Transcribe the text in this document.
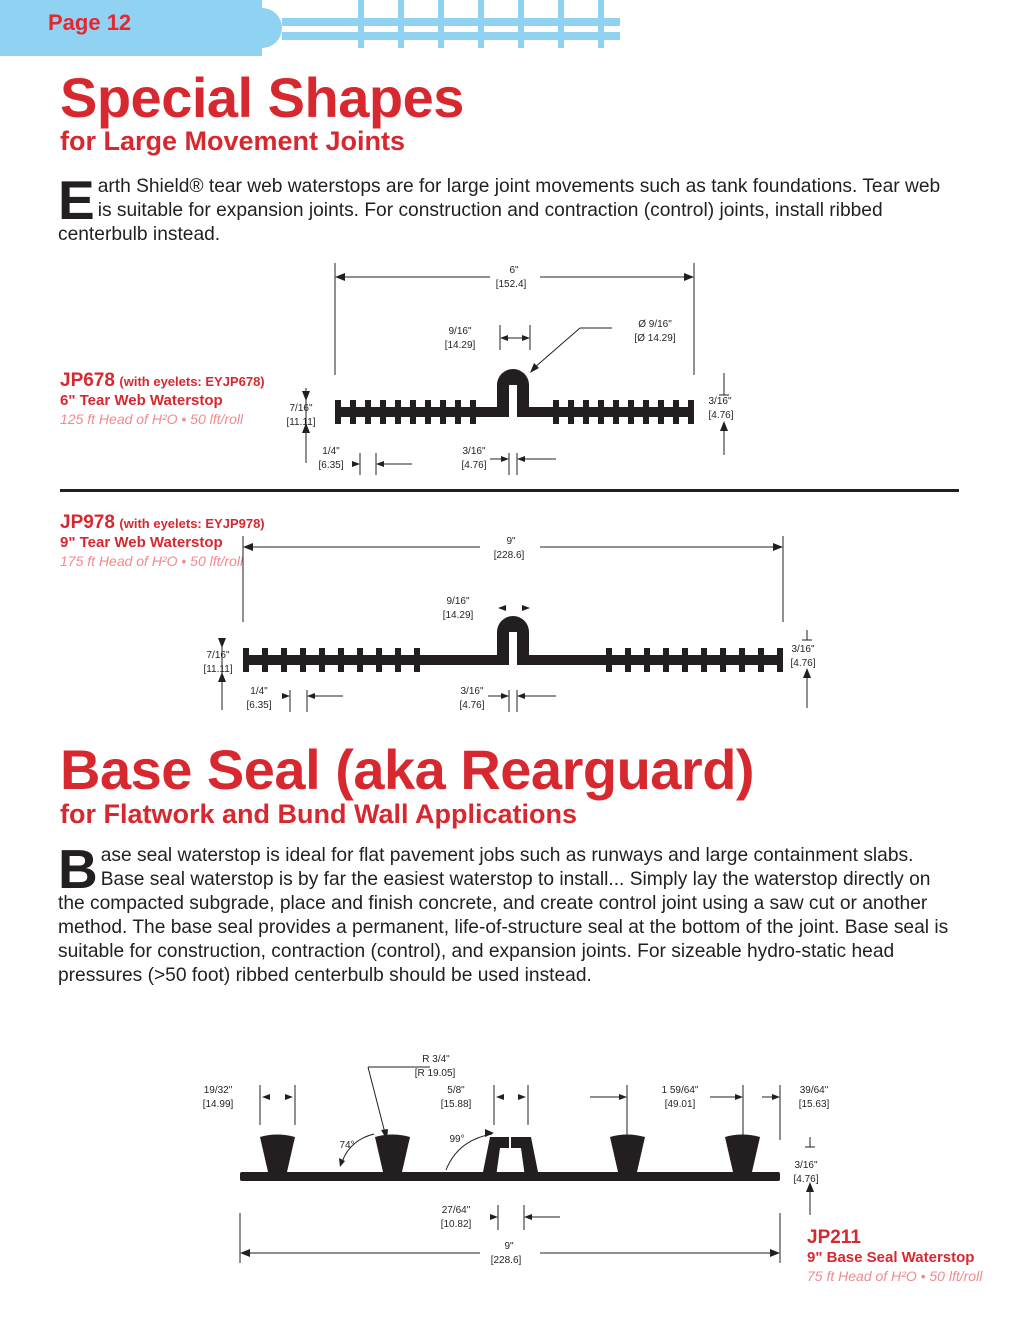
Page 12
Special Shapes
for Large Movement Joints
Earth Shield® tear web waterstops are for large joint movements such as tank foundations. Tear web is suitable for expansion joints. For construction and contraction (control) joints, install ribbed centerbulb instead.
JP678 (with eyelets: EYJP678)
6" Tear Web Waterstop
125 ft Head of H²O • 50 lft/roll
6"
[152.4]
9/16"
[14.29]
Ø 9/16"
[Ø 14.29]
7/16"
[11.11]
3/16"
[4.76]
1/4"
[6.35]
3/16"
[4.76]
JP978 (with eyelets: EYJP978)
9" Tear Web Waterstop
175 ft Head of H²O • 50 lft/roll
9"
[228.6]
9/16"
[14.29]
7/16"
[11.11]
3/16"
[4.76]
1/4"
[6.35]
3/16"
[4.76]
Base Seal (aka Rearguard)
for Flatwork and Bund Wall Applications
Base seal waterstop is ideal for flat pavement jobs such as runways and large containment slabs. Base seal waterstop is by far the easiest waterstop to install... Simply lay the waterstop directly on the compacted subgrade, place and finish concrete, and create control joint using a saw cut or another method. The base seal provides a permanent, life-of-structure seal at the bottom of the joint. Base seal is suitable for construction, contraction (control), and expansion joints. For sizeable hydro-static head pressures (>50 foot) ribbed centerbulb should be used instead.
R 3/4"
[R 19.05]
19/32"
[14.99]
5/8"
[15.88]
1 59/64"
[49.01]
39/64"
[15.63]
74°
99°
3/16"
[4.76]
27/64"
[10.82]
9"
[228.6]
JP211
9" Base Seal Waterstop
75 ft Head of H²O • 50 lft/roll
